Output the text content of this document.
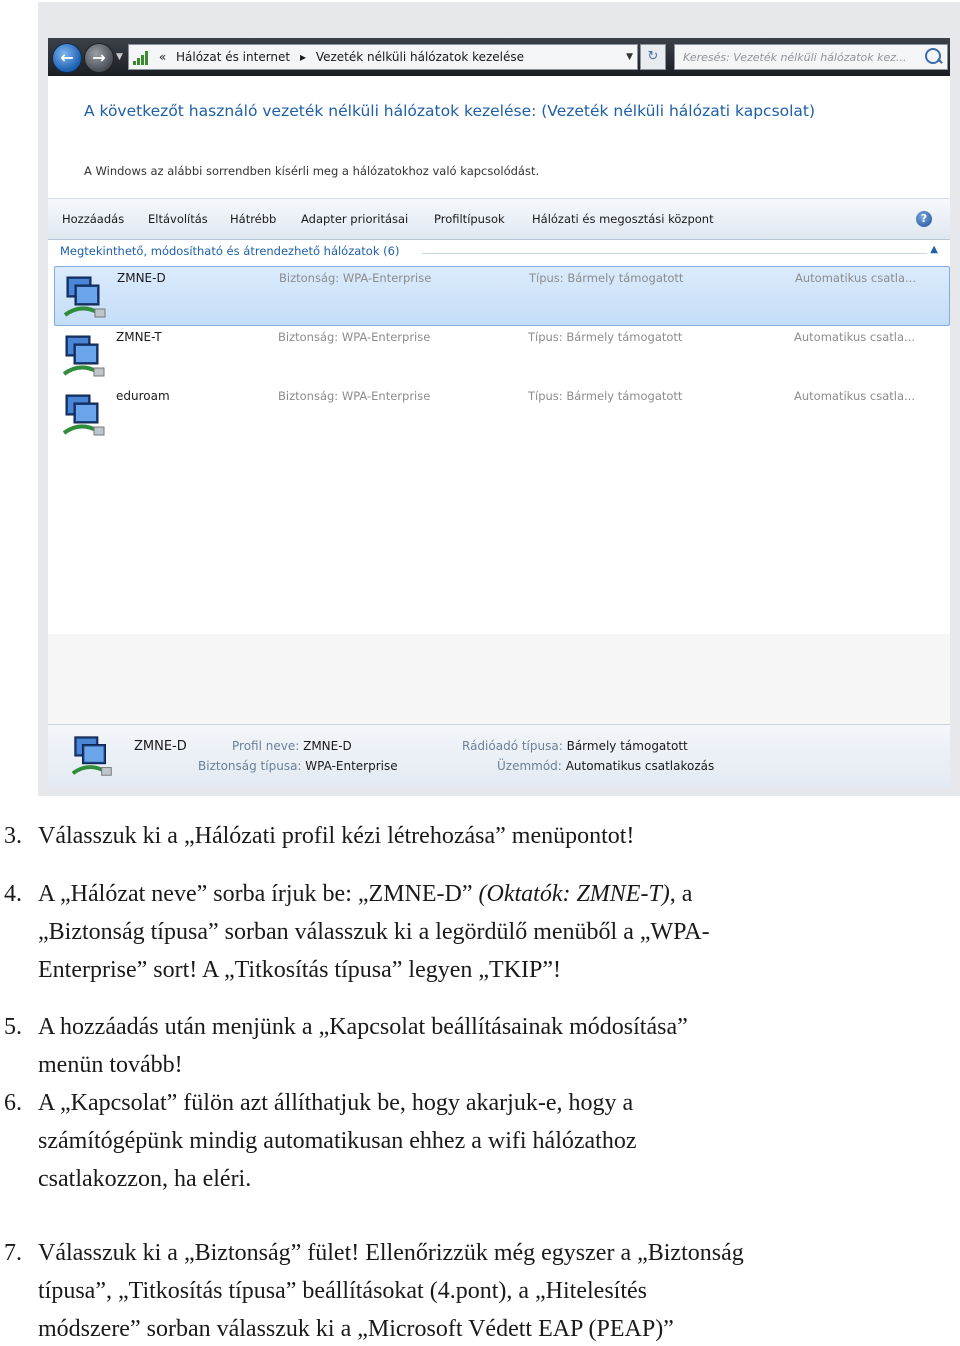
←	→	▼	« Hálózat és internet ▸ Vezeték nélküli hálózatok kezelése	▼	↻
Keresés: Vezeték nélküli hálózatok kez...
A következőt használó vezeték nélküli hálózatok kezelése: (Vezeték nélküli hálózati kapcsolat)
A Windows az alábbi sorrendben kísérli meg a hálózatokhoz való kapcsolódást.
Hozzáadás Eltávolítás Hátrébb Adapter prioritásai Profiltípusok Hálózati és megosztási központ	?
Megtekinthető, módosítható és átrendezhető hálózatok (6)	▲
ZMNE-D	Biztonság: WPA-Enterprise	Típus: Bármely támogatott	Automatikus csatla...
ZMNE-T	Biztonság: WPA-Enterprise	Típus: Bármely támogatott	Automatikus csatla...
eduroam	Biztonság: WPA-Enterprise	Típus: Bármely támogatott	Automatikus csatla...
ZMNE-D	Profil neve: ZMNE-D
Biztonság típusa: WPA-Enterprise
Rádióadó típusa: Bármely támogatott
Üzemmód: Automatikus csatlakozás
3. Válasszuk ki a „Hálózati profil kézi létrehozása” menüpontot!
4. A „Hálózat neve” sorba írjuk be: „ZMNE-D” (Oktatók: ZMNE-T), a
„Biztonság típusa” sorban válasszuk ki a legördülő menüből a „WPA-
Enterprise” sort! A „Titkosítás típusa” legyen „TKIP”!
5. A hozzáadás után menjünk a „Kapcsolat beállításainak módosítása”
menün tovább!
6. A „Kapcsolat” fülön azt állíthatjuk be, hogy akarjuk-e, hogy a
számítógépünk mindig automatikusan ehhez a wifi hálózathoz
csatlakozzon, ha eléri.
7. Válasszuk ki a „Biztonság” fület! Ellenőrizzük még egyszer a „Biztonság
típusa”, „Titkosítás típusa” beállításokat (4.pont), a „Hitelesítés
módszere” sorban válasszuk ki a „Microsoft Védett EAP (PEAP)”
